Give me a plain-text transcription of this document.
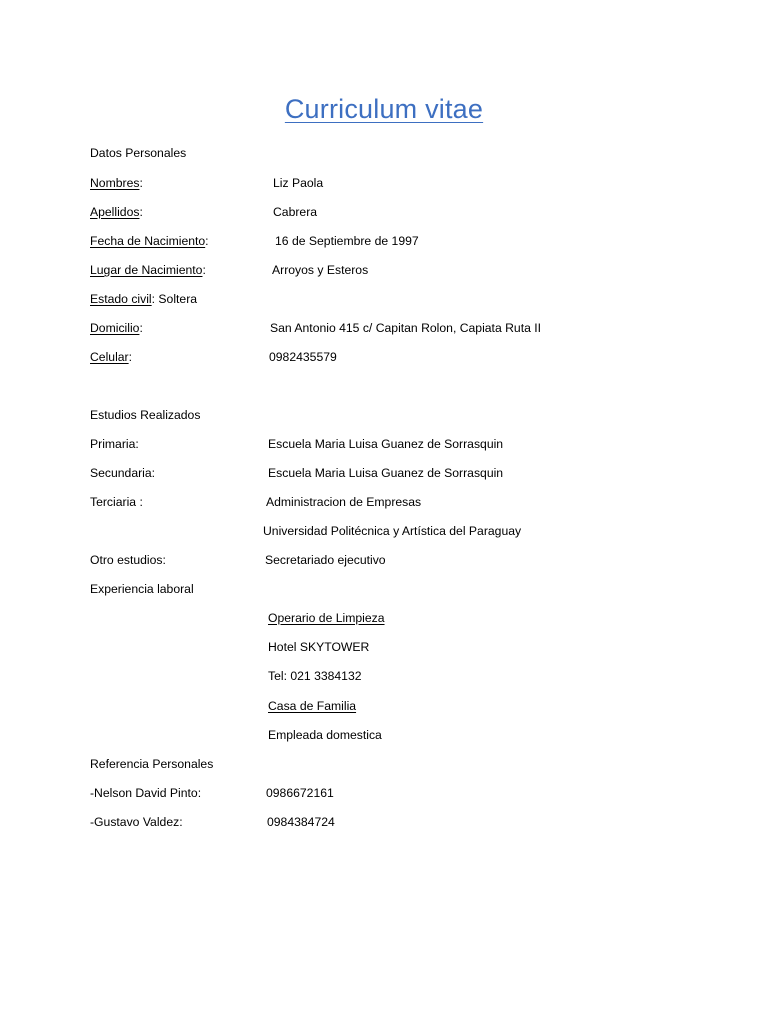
Curriculum vitae
Datos Personales
Nombres:	Liz Paola
Apellidos:	Cabrera
Fecha de Nacimiento:	16 de Septiembre de 1997
Lugar de Nacimiento:	Arroyos y Esteros
Estado civil: Soltera
Domicilio:	San Antonio 415 c/ Capitan Rolon, Capiata Ruta II
Celular:	0982435579
Estudios Realizados
Primaria:	Escuela Maria Luisa Guanez de Sorrasquin
Secundaria:	Escuela Maria Luisa Guanez de Sorrasquin
Terciaria :	Administracion de Empresas
Universidad Politécnica y Artística del Paraguay
Otro estudios:	Secretariado ejecutivo
Experiencia laboral
Operario de Limpieza
Hotel SKYTOWER
Tel: 021 3384132
Casa de Familia
Empleada domestica
Referencia Personales
-Nelson David Pinto:	0986672161
-Gustavo Valdez:	0984384724
